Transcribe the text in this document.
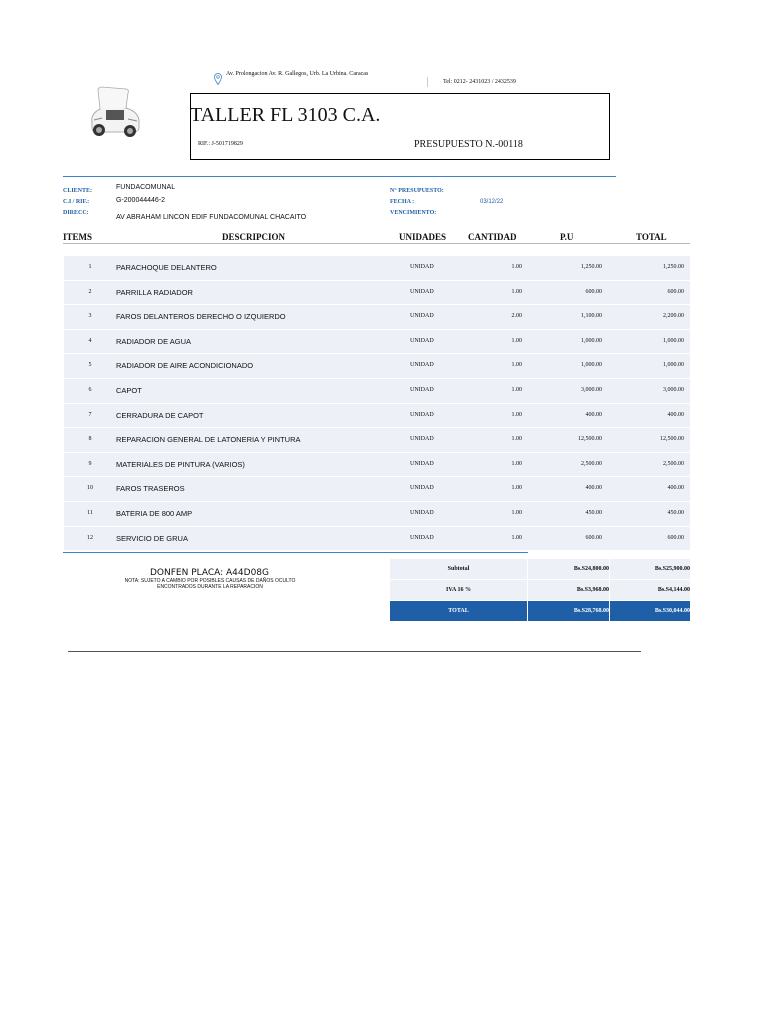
Av. Prolongacion Av. R. Gallegos, Urb. La Urbina. Caracas
Tel: 0212- 2431023 / 2432539
TALLER FL 3103 C.A.
RIF.: J-501719829	PRESUPUESTO N.-00118
CLIENTE:	FUNDACOMUNAL
C.I / RIF.:	G-200044446-2
DIRECC:
AV ABRAHAM LINCON EDIF FUNDACOMUNAL CHACAITO
N° PRESUPUESTO:
FECHA :	03/12/22
VENCIMIENTO:
ITEMS	DESCRIPCION	UNIDADES CANTIDAD	P.U	TOTAL
1	PARACHOQUE DELANTERO	UNIDAD	1.00	1,250.00	1,250.00
2	PARRILLA RADIADOR	UNIDAD	1.00	600.00	600.00
3	FAROS DELANTEROS DERECHO O IZQUIERDO	UNIDAD	2.00	1,100.00	2,200.00
4	RADIADOR DE AGUA	UNIDAD	1.00	1,000.00	1,000.00
5	RADIADOR DE AIRE ACONDICIONADO	UNIDAD	1.00	1,000.00	1,000.00
6	CAPOT	UNIDAD	1.00	3,000.00	3,000.00
7	CERRADURA DE CAPOT	UNIDAD	1.00	400.00	400.00
8	REPARACION GENERAL DE LATONERIA Y PINTURA	UNIDAD	1.00	12,500.00	12,500.00
9	MATERIALES DE PINTURA (VARIOS)	UNIDAD	1.00	2,500.00	2,500.00
10	FAROS TRASEROS	UNIDAD	1.00	400.00	400.00
11	BATERIA DE 800 AMP	UNIDAD	1.00	450.00	450.00
12	SERVICIO DE GRUA	UNIDAD	1.00	600.00	600.00
DONFEN PLACA: A44D08G
NOTA: SUJETO A CAMBIO POR POSIBLES CAUSAS DE DAÑOS OCULTO ENCONTRADOS DURANTE LA REPARACION
Subtotal	Bs.S24,800.00	Bs.S25,900.00
IVA 16 %	Bs.S3,968.00	Bs.S4,144.00
TOTAL	Bs.S28,768.00	Bs.S30,044.00
